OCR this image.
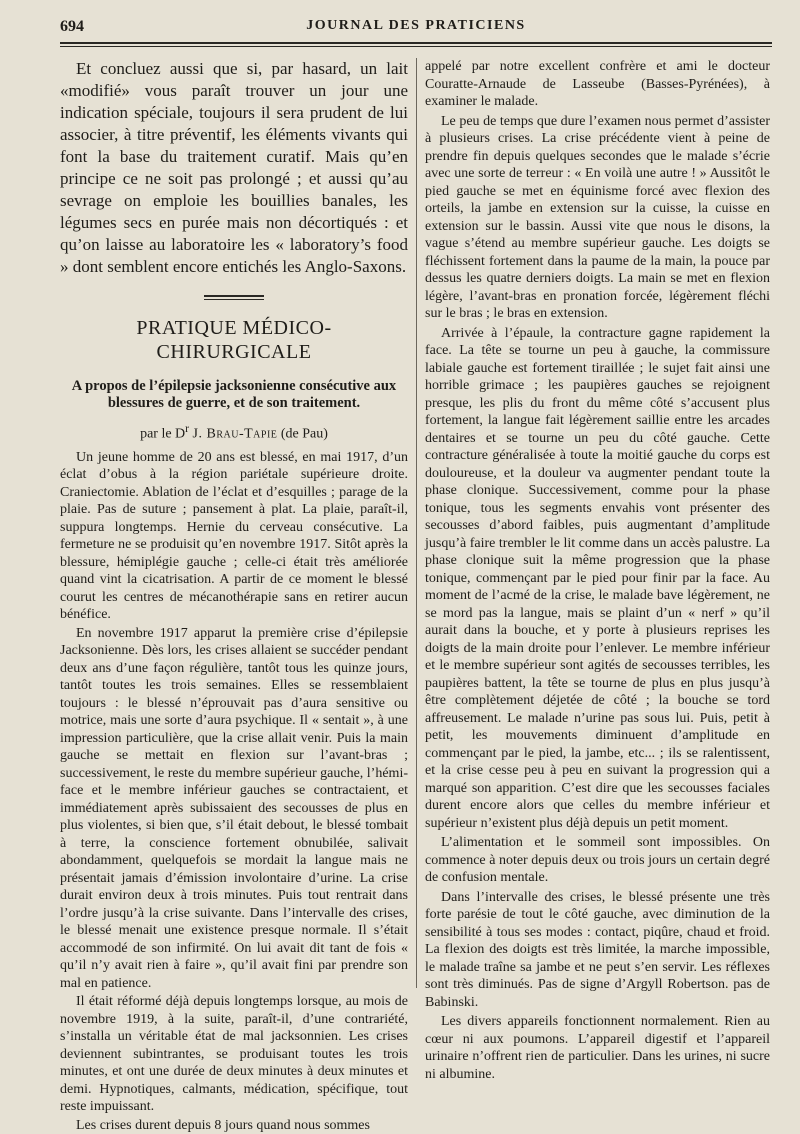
694	JOURNAL DES PRATICIENS

Et concluez aussi que si, par hasard, un lait «modifié» vous paraît trouver un jour une indication spéciale, toujours il sera prudent de lui associer, à titre préventif, les éléments vivants qui font la base du traitement curatif. Mais qu’en principe ce ne soit pas prolongé ; et aussi qu’au sevrage on emploie les bouillies banales, les légumes secs en purée mais non décortiqués : et qu’on laisse au laboratoire les « laboratory’s food » dont semblent encore entichés les Anglo-Saxons.

PRATIQUE MÉDICO-CHIRURGICALE
A propos de l’épilepsie jacksonienne consécutive aux blessures de guerre, et de son traitement.
par le $D^r$ J. Brau-Tapie (de Pau)

Un jeune homme de 20 ans est blessé, en mai 1917, d’un éclat d’obus à la région pariétale supérieure droite. Craniectomie. Ablation de l’éclat et d’esquilles ; parage de la plaie. Pas de suture ; pansement à plat. La plaie, paraît-il, suppura longtemps. Hernie du cerveau consécutive. La fermeture ne se produisit qu’en novembre 1917. Sitôt après la blessure, hémiplégie gauche ; celle-ci était très améliorée quand vint la cicatrisation. A partir de ce moment le blessé courut les centres de mécanothérapie sans en retirer aucun bénéfice.

En novembre 1917 apparut la première crise d’épilepsie Jacksonienne. Dès lors, les crises allaient se succéder pendant deux ans d’une façon régulière, tantôt tous les quinze jours, tantôt toutes les trois semaines. Elles se ressemblaient toujours : le blessé n’éprouvait pas d’aura sensitive ou motrice, mais une sorte d’aura psychique. Il « sentait », à une impression particulière, que la crise allait venir. Puis la main gauche se mettait en flexion sur l’avant-bras ; successivement, le reste du membre supérieur gauche, l’hémi-face et le membre inférieur gauches se contractaient, et immédiatement après subissaient des secousses de plus en plus violentes, si bien que, s’il était debout, le blessé tombait à terre, la conscience fortement obnubilée, salivait abondamment, quelquefois se mordait la langue mais ne présentait jamais d’émission involontaire d’urine. La crise durait environ deux à trois minutes. Puis tout rentrait dans l’ordre jusqu’à la crise suivante. Dans l’intervalle des crises, le blessé menait une existence presque normale. Il s’était accommodé de son infirmité. On lui avait dit tant de fois « qu’il n’y avait rien à faire », qu’il avait fini par prendre son mal en patience.

Il était réformé déjà depuis longtemps lorsque, au mois de novembre 1919, à la suite, paraît-il, d’une contrariété, s’installa un véritable état de mal jacksonnien. Les crises deviennent subintrantes, se produisant toutes les trois minutes, et ont une durée de deux minutes à deux minutes et demi. Hypnotiques, calmants, médication, spécifique, tout reste impuissant.

Les crises durent depuis 8 jours quand nous sommes

appelé par notre excellent confrère et ami le docteur Couratte-Arnaude de Lasseube (Basses-Pyrénées), à examiner le malade.

Le peu de temps que dure l’examen nous permet d’assister à plusieurs crises. La crise précédente vient à peine de prendre fin depuis quelques secondes que le malade s’écrie avec une sorte de terreur : « En voilà une autre ! » Aussitôt le pied gauche se met en équinisme forcé avec flexion des orteils, la jambe en extension sur la cuisse, la cuisse en extension sur le bassin. Aussi vite que nous le disons, la vague s’étend au membre supérieur gauche. Les doigts se fléchissent fortement dans la paume de la main, la pouce par dessus les quatre derniers doigts. La main se met en flexion légère, l’avant-bras en pronation forcée, légèrement fléchi sur le bras ; le bras en extension.

Arrivée à l’épaule, la contracture gagne rapidement la face. La tête se tourne un peu à gauche, la commissure labiale gauche est fortement tiraillée ; le sujet fait ainsi une horrible grimace ; les paupières gauches se rejoignent presque, les plis du front du même côté s’accusent plus fortement, la langue fait légèrement saillie entre les arcades dentaires et se tourne un peu du côté gauche. Cette contracture généralisée à toute la moitié gauche du corps est douloureuse, et la douleur va augmenter pendant toute la phase clonique. Successivement, comme pour la phase tonique, tous les segments envahis vont présenter des secousses d’abord faibles, puis augmentant d’amplitude jusqu’à faire trembler le lit comme dans un accès palustre. La phase clonique suit la même progression que la phase tonique, commençant par le pied pour finir par la face. Au moment de l’acmé de la crise, le malade bave légèrement, ne se mord pas la langue, mais se plaint d’un « nerf » qu’il aurait dans la bouche, et y porte à plusieurs reprises les doigts de la main droite pour l’enlever. Le membre inférieur et le membre supérieur sont agités de secousses terribles, les paupières battent, la tête se tourne de plus en plus jusqu’à être complètement déjetée de côté ; la bouche se tord affreusement. Le malade n’urine pas sous lui. Puis, petit à petit, les mouvements diminuent d’amplitude en commençant par le pied, la jambe, etc... ; ils se ralentissent, et la crise cesse peu à peu en suivant la progression qui a marqué son apparition. C’est dire que les secousses faciales durent encore alors que celles du membre inférieur et supérieur n’existent plus déjà depuis un petit moment.

L’alimentation et le sommeil sont impossibles. On commence à noter depuis deux ou trois jours un certain degré de confusion mentale.

Dans l’intervalle des crises, le blessé présente une très forte parésie de tout le côté gauche, avec diminution de la sensibilité à tous ses modes : contact, piqûre, chaud et froid. La flexion des doigts est très limitée, la marche impossible, le malade traîne sa jambe et ne peut s’en servir. Les réflexes sont très diminués. Pas de signe d’Argyll Robertson. pas de Babinski.

Les divers appareils fonctionnent normalement. Rien au cœur ni aux poumons. L’appareil digestif et l’appareil urinaire n’offrent rien de particulier. Dans les urines, ni sucre ni albumine.
